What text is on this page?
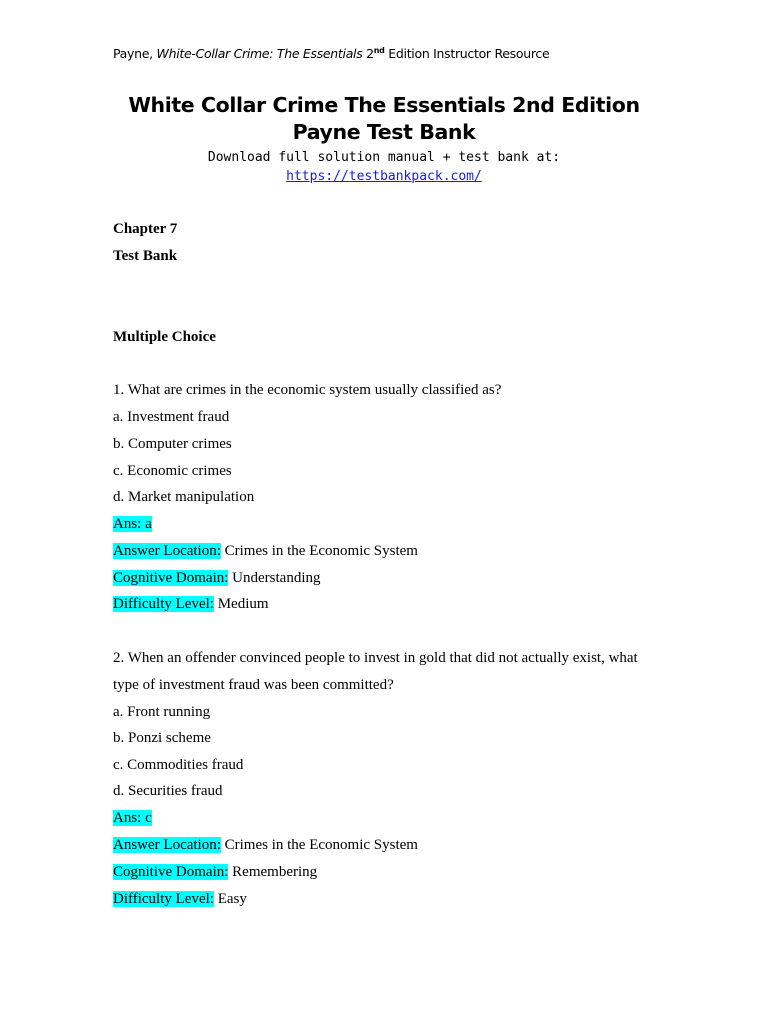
Payne, White-Collar Crime: The Essentials 2nd Edition Instructor Resource
White Collar Crime The Essentials 2nd Edition
Payne Test Bank
Download full solution manual + test bank at:
https://testbankpack.com/
Chapter 7
Test Bank
Multiple Choice
1. What are crimes in the economic system usually classified as?
a. Investment fraud
b. Computer crimes
c. Economic crimes
d. Market manipulation
Ans: a
Answer Location: Crimes in the Economic System
Cognitive Domain: Understanding
Difficulty Level: Medium
2. When an offender convinced people to invest in gold that did not actually exist, what
type of investment fraud was been committed?
a. Front running
b. Ponzi scheme
c. Commodities fraud
d. Securities fraud
Ans: c
Answer Location: Crimes in the Economic System
Cognitive Domain: Remembering
Difficulty Level: Easy
